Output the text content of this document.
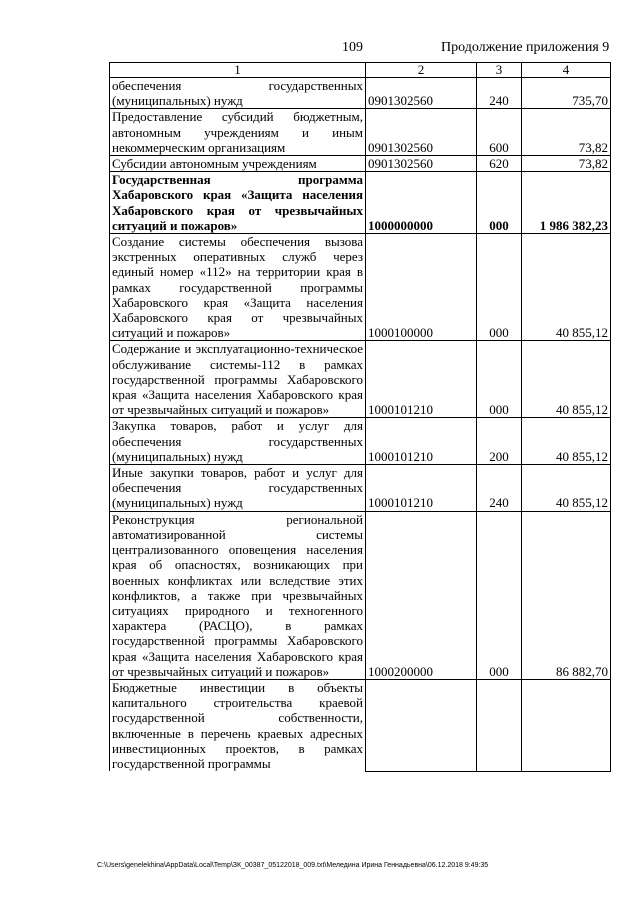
109	Продолжение приложения 9
1	2	3	4
обеспечения государственных (муниципальных) нужд	0901302560	240	735,70
Предоставление субсидий бюджетным, автономным учреждениям и иным некоммерческим организациям	0901302560	600	73,82
Субсидии автономным учреждениям	0901302560	620	73,82
Государственная программа Хабаровского края «Защита населения Хабаровского края от чрезвычайных ситуаций и пожаров»	1000000000	000	1 986 382,23
Создание системы обеспечения вызова экстренных оперативных служб через единый номер «112» на территории края в рамках государственной программы Хабаровского края «Защита населения Хабаровского края от чрезвычайных ситуаций и пожаров»	1000100000	000	40 855,12
Содержание и эксплуатационно-техническое обслуживание системы-112 в рамках государственной программы Хабаровского края «Защита населения Хабаровского края от чрезвычайных ситуаций и пожаров»	1000101210	000	40 855,12
Закупка товаров, работ и услуг для обеспечения государственных (муниципальных) нужд	1000101210	200	40 855,12
Иные закупки товаров, работ и услуг для обеспечения государственных (муниципальных) нужд	1000101210	240	40 855,12
Реконструкция региональной автоматизированной системы централизованного оповещения населения края об опасностях, возникающих при военных конфликтах или вследствие этих конфликтов, а также при чрезвычайных ситуациях природного и техногенного характера (РАСЦО), в рамках государственной программы Хабаровского края «Защита населения Хабаровского края от чрезвычайных ситуаций и пожаров»	1000200000	000	86 882,70
Бюджетные инвестиции в объекты капитального строительства краевой государственной собственности, включенные в перечень краевых адресных инвестиционных проектов, в рамках государственной программы			
C:\Users\genelekhina\AppData\Local\Temp\ЗК_00387_05122018_009.txt\Меледина Ирина Геннадьевна\06.12.2018 9:49:35
